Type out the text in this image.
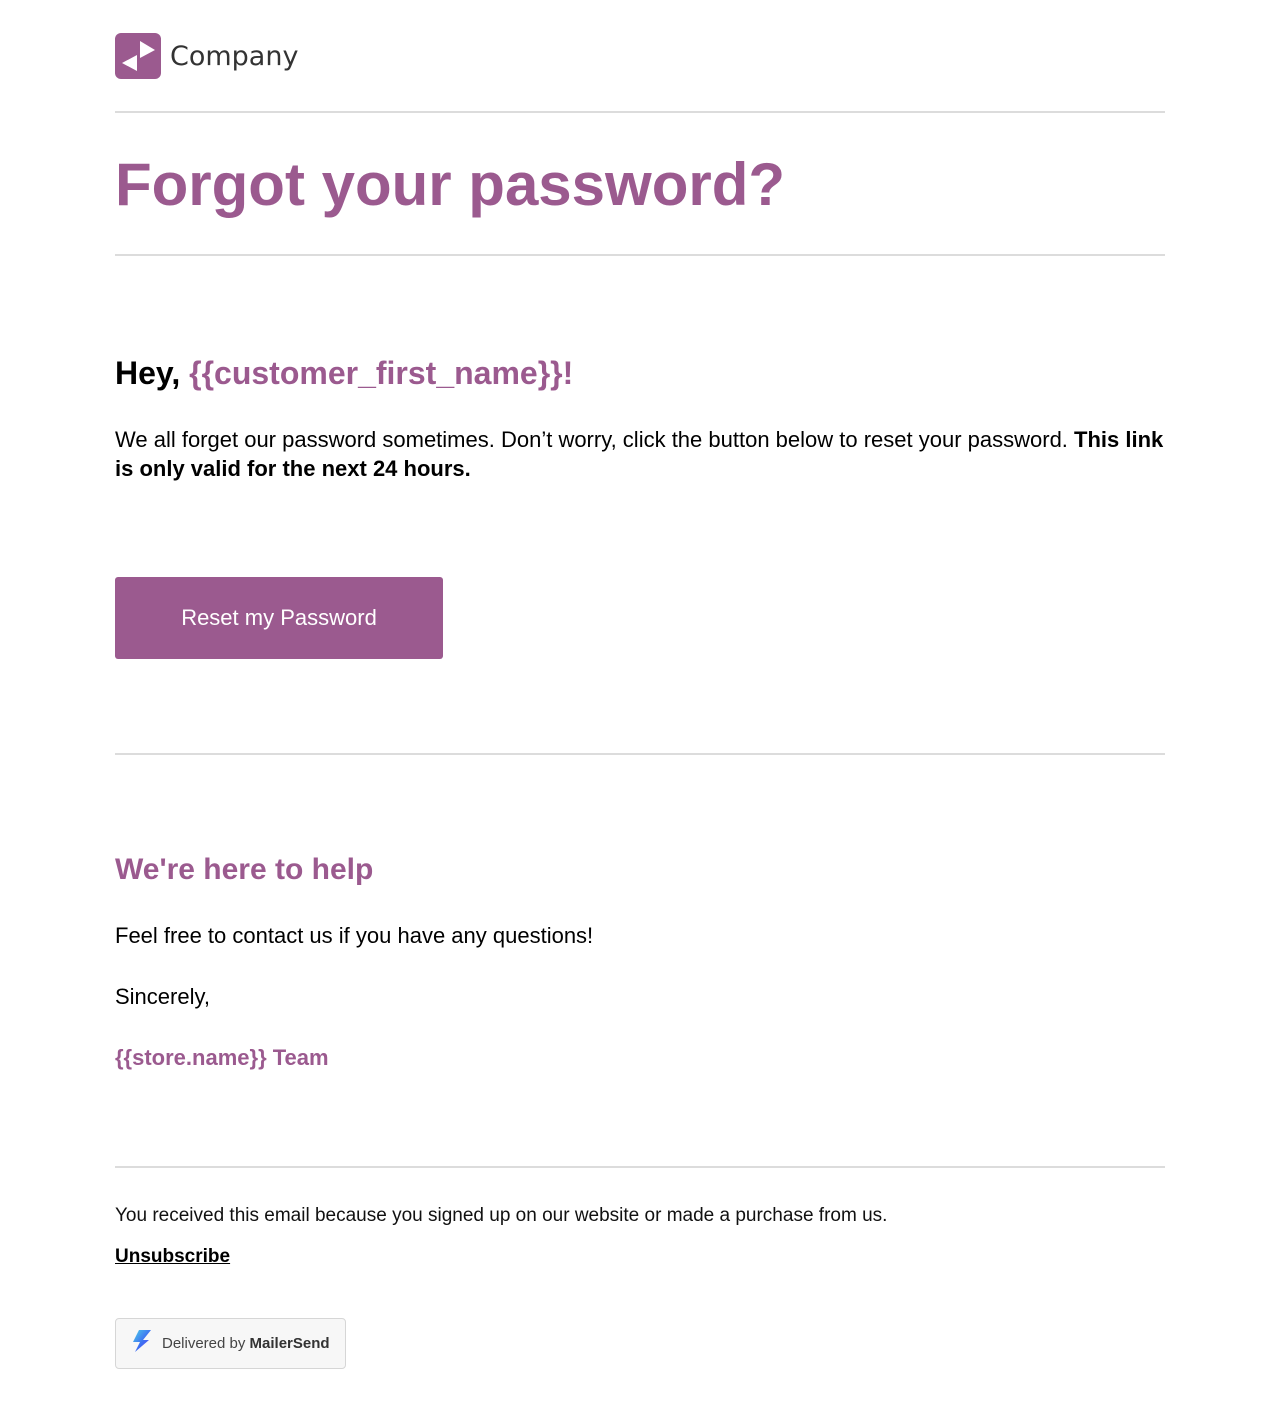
Company
Forgot your password?
Hey, {{customer_first_name}}!

We all forget our password sometimes. Don’t worry, click the button below to reset your password. This link is only valid for the next 24 hours.

Reset my Password
We're here to help

Feel free to contact us if you have any questions!

Sincerely,

{{store.name}} Team

You received this email because you signed up on our website or made a purchase from us.

Unsubscribe
Delivered by MailerSend
